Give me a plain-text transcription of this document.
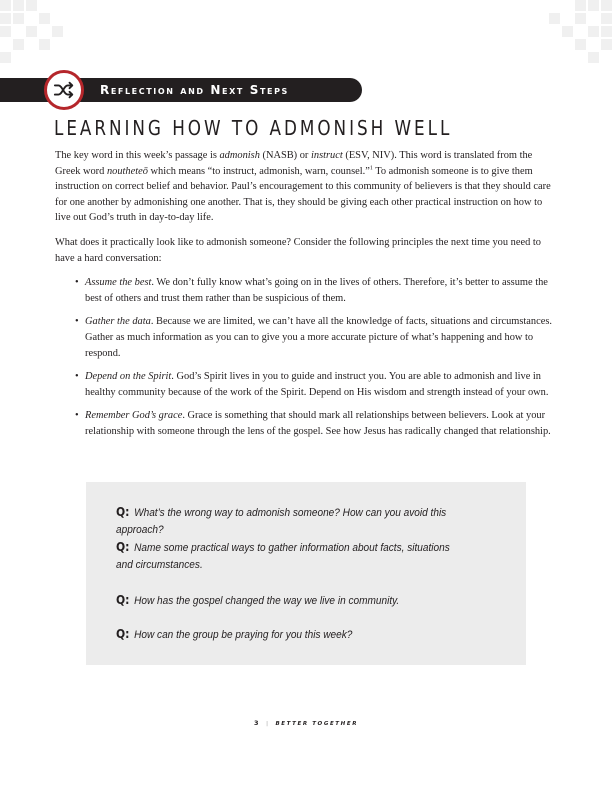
Reflection and Next Steps
LEARNING HOW TO ADMONISH WELL

The key word in this week’s passage is admonish (NASB) or instruct (ESV, NIV). This word is translated from the Greek word noutheteō which means “to instruct, admonish, warn, counsel.”$^1$ To admonish someone is to give them instruction on correct belief and behavior. Paul’s encouragement to this community of believers is that they should care for one another by admonishing one another. That is, they should be giving each other practical instruction on how to live out God’s truth in day-to-day life.

What does it practically look like to admonish someone? Consider the following principles the next time you need to have a hard conversation:

• Assume the best. We don’t fully know what’s going on in the lives of others. Therefore, it’s better to assume the best of others and trust them rather than be suspicious of them.
• Gather the data. Because we are limited, we can’t have all the knowledge of facts, situations and circumstances. Gather as much information as you can to give you a more accurate picture of what’s happening and how to respond.
• Depend on the Spirit. God’s Spirit lives in you to guide and instruct you. You are able to admonish and live in healthy community because of the work of the Spirit. Depend on His wisdom and strength instead of your own.
• Remember God’s grace. Grace is something that should mark all relationships between believers. Look at your relationship with someone through the lens of the gospel. See how Jesus has radically changed that relationship.
Q: What’s the wrong way to admonish someone? How can you avoid this approach?
Q: Name some practical ways to gather information about facts, situations and circumstances.
Q: How has the gospel changed the way we live in community.
Q: How can the group be praying for you this week?
3 | BETTER TOGETHER
